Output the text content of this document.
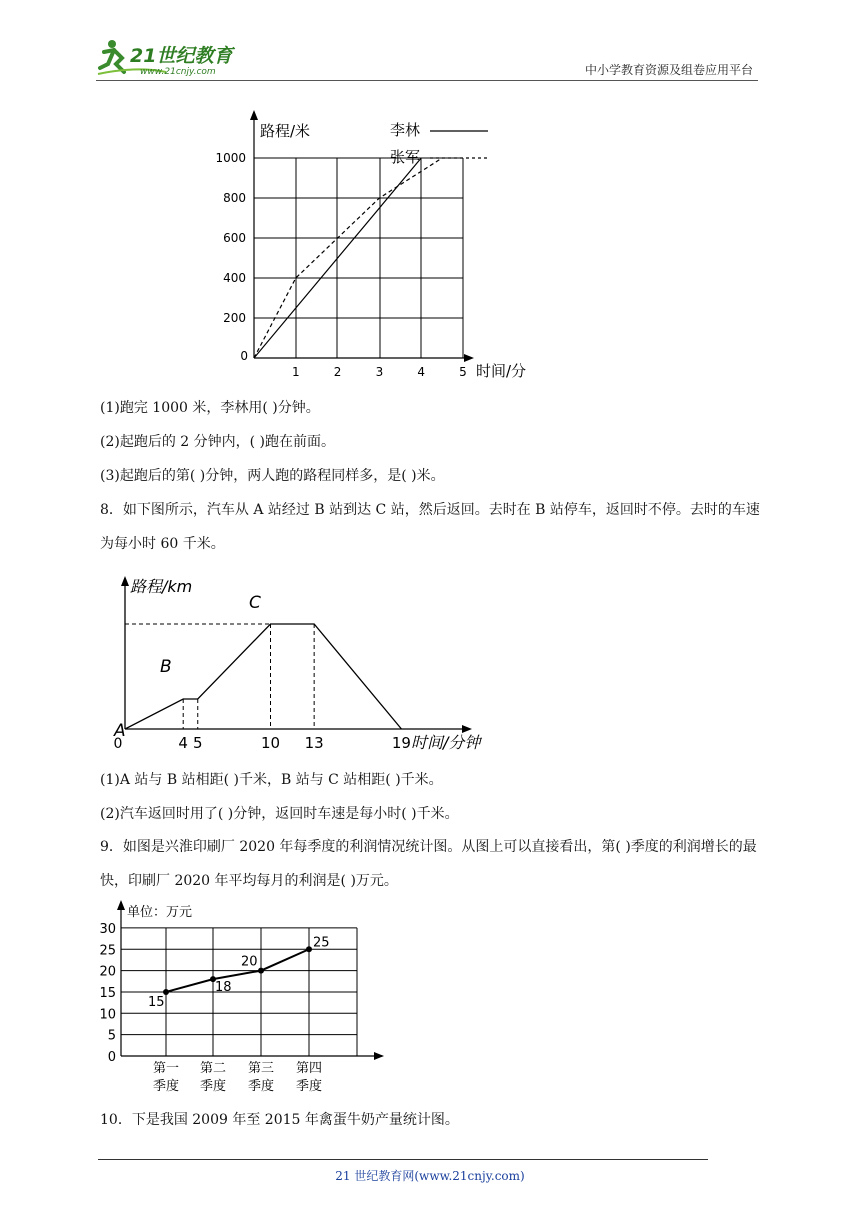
21世纪教育
www.21cnjy.com	中小学教育资源及组卷应用平台
路程/米
时间/分
0
200
400
600
800
1000
1	2	3	4	5
李林
张军
(1)跑完 1000 米，李林用( )分钟。
(2)起跑后的 2 分钟内，( )跑在前面。
(3)起跑后的第( )分钟，两人跑的路程同样多，是( )米。
8．如下图所示，汽车从 A 站经过 B 站到达 C 站，然后返回。去时在 B 站停车，返回时不停。去时的车速为每小时 60 千米。
路程/km
时间/分钟
0	4 5	10 13	19
A
B
C
(1)A 站与 B 站相距( )千米，B 站与 C 站相距( )千米。
(2)汽车返回时用了( )分钟，返回时车速是每小时( )千米。
9．如图是兴淮印刷厂 2020 年每季度的利润情况统计图。从图上可以直接看出，第( )季度的利润增长的最快，印刷厂 2020 年平均每月的利润是( )万元。
单位：万元
0
5
10
15
20
25
30
第一
季度
第二
季度
第三
季度
第四
季度
15
18
20
25
10．下是我国 2009 年至 2015 年禽蛋牛奶产量统计图。
21 世纪教育网(www.21cnjy.com)
